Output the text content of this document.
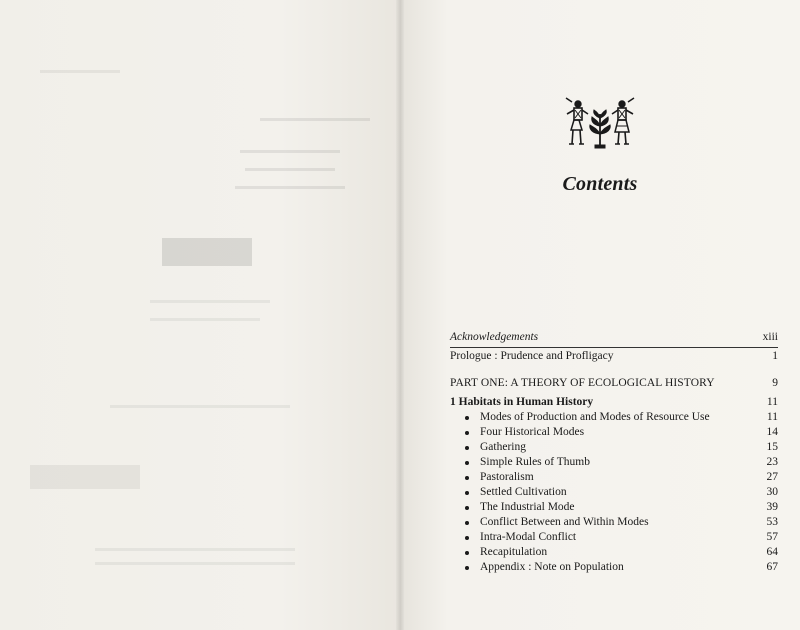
Contents
Acknowledgements	xiii
Prologue : Prudence and Profligacy	1
PART ONE: A THEORY OF ECOLOGICAL HISTORY	9
1 Habitats in Human History	11
Modes of Production and Modes of Resource Use	11
Four Historical Modes	14
Gathering	15
Simple Rules of Thumb	23
Pastoralism	27
Settled Cultivation	30
The Industrial Mode	39
Conflict Between and Within Modes	53
Intra-Modal Conflict	57
Recapitulation	64
Appendix : Note on Population	67
